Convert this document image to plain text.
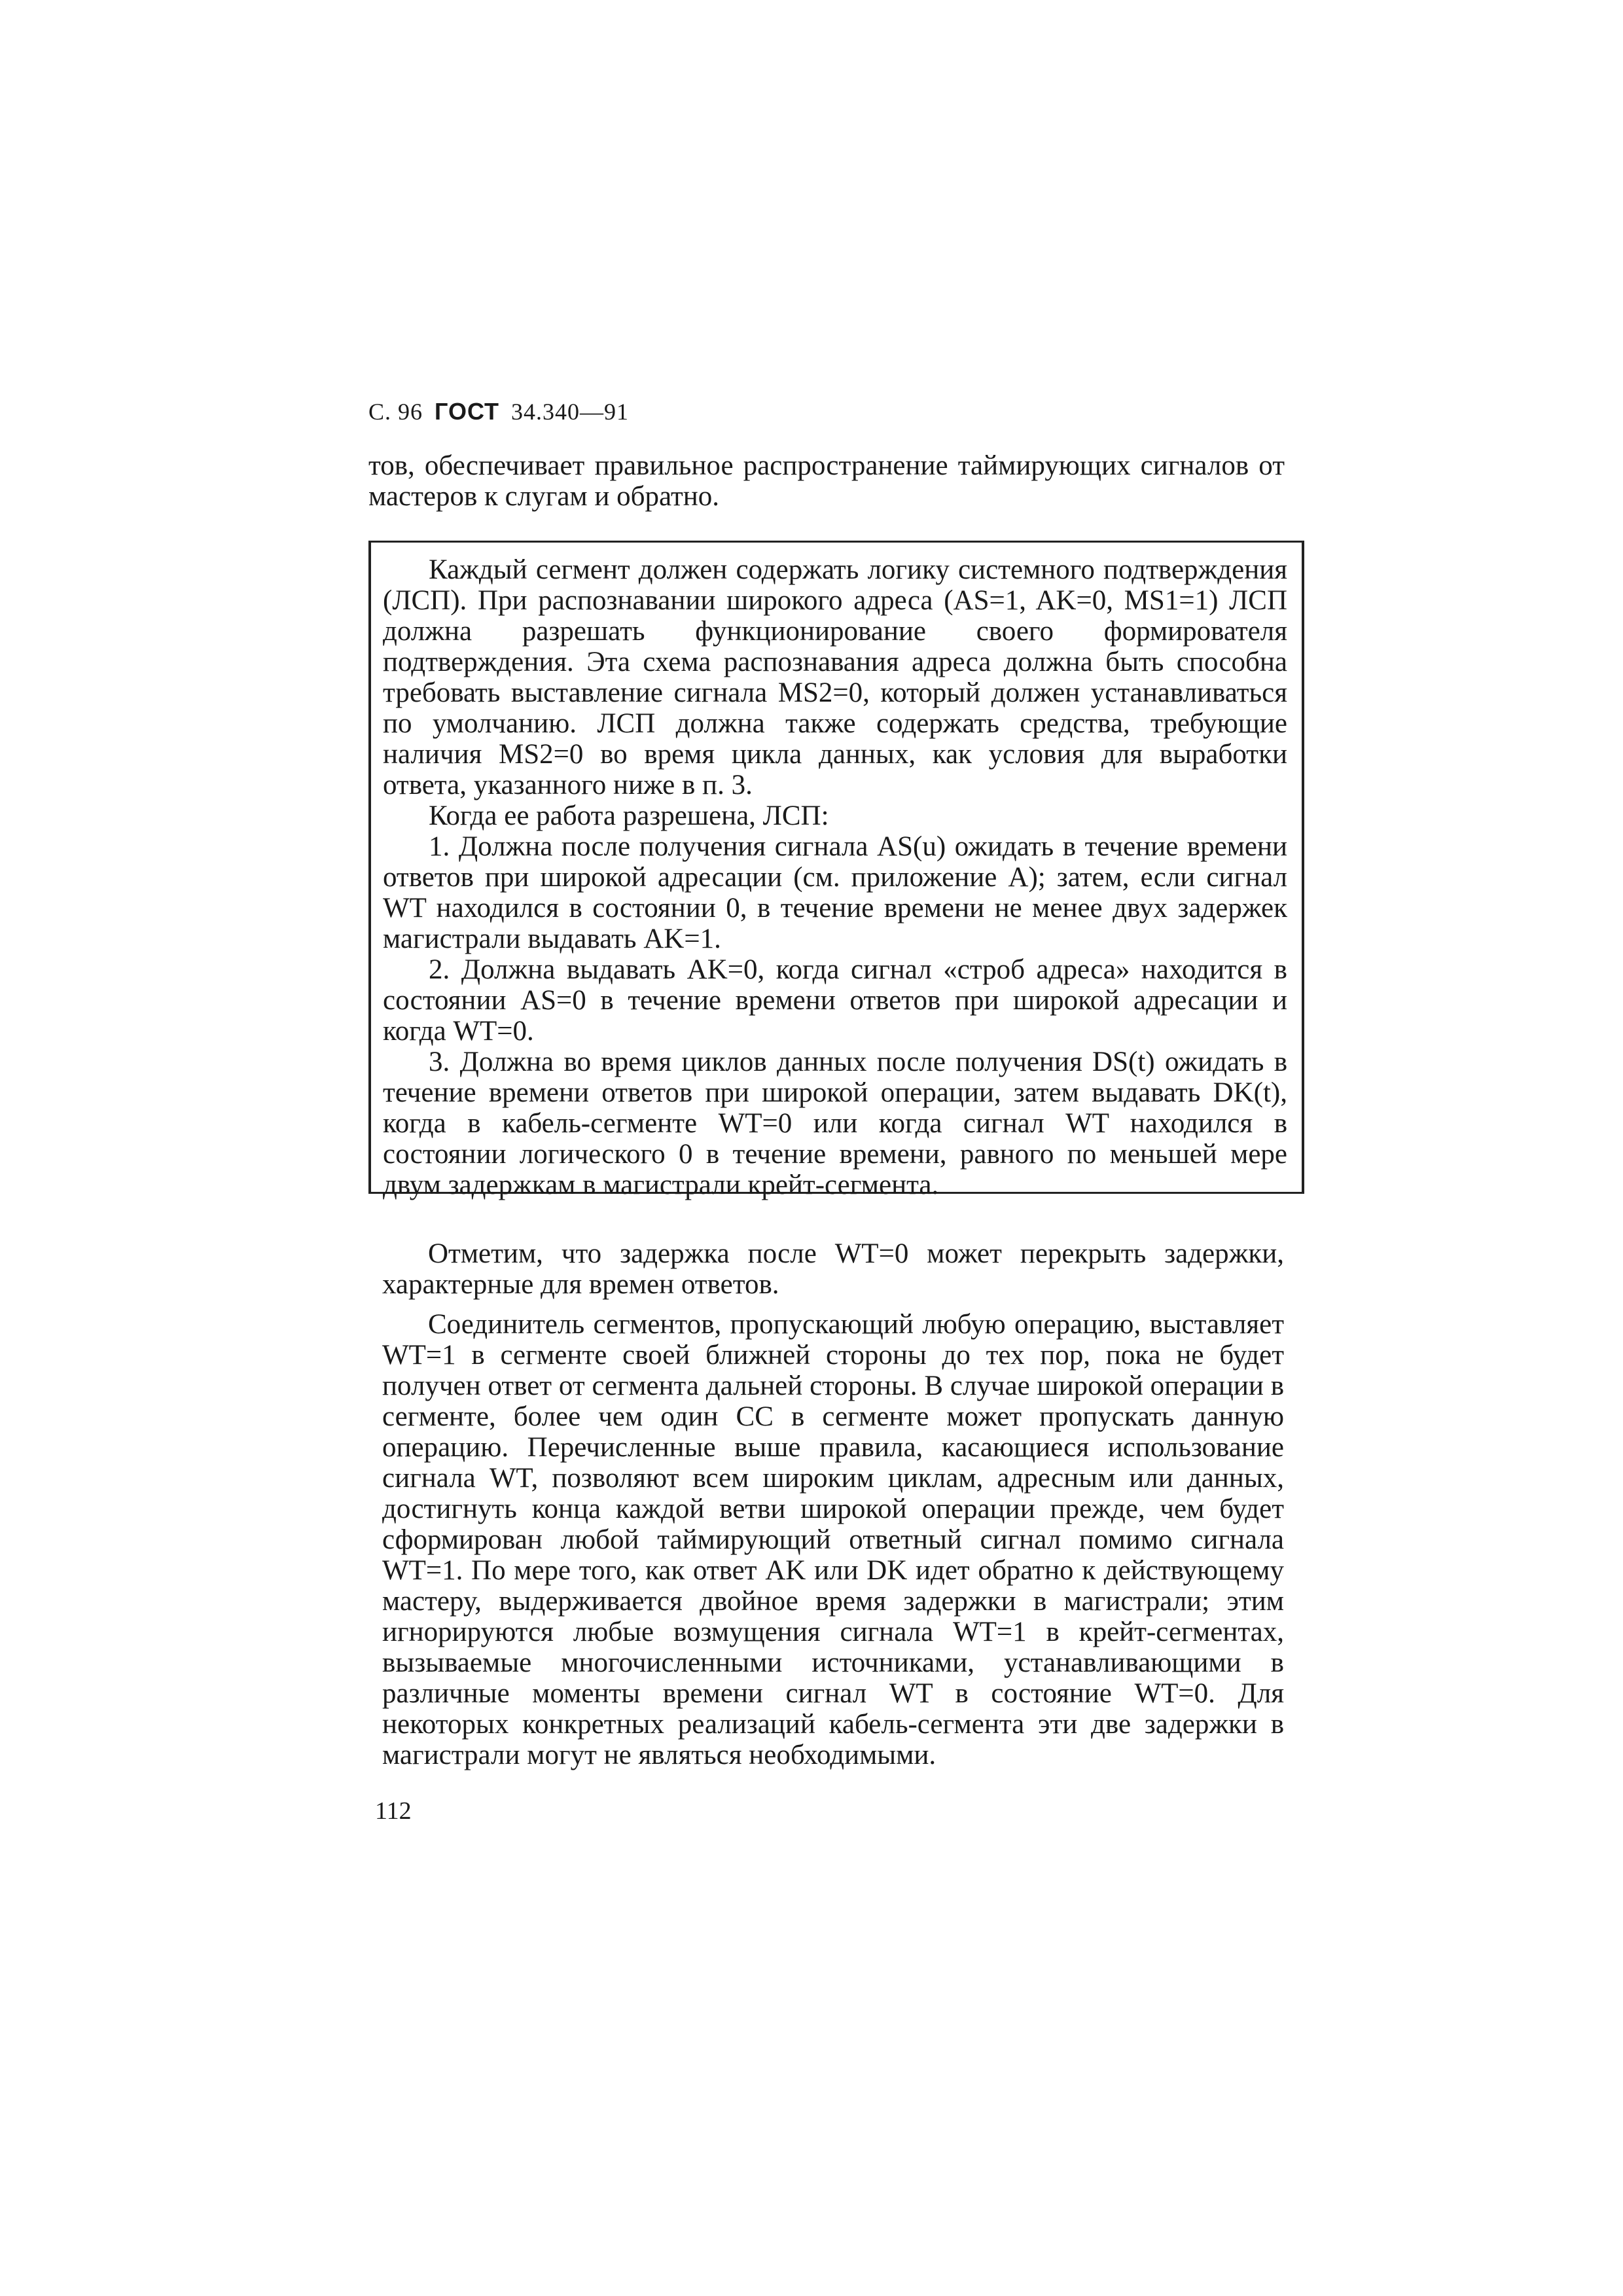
С. 96 ГОСТ 34.340—91

тов, обеспечивает правильное распространение таймирующих сигналов от мастеров к слугам и обратно.

Каждый сегмент должен содержать логику системного подтверждения (ЛСП). При распознавании широкого адреса (AS=1, AK=0, MS1=1) ЛСП должна разрешать функционирование своего формирователя подтверждения. Эта схема распознавания адреса должна быть способна требовать выставление сигнала MS2=0, который должен устанавливаться по умолчанию. ЛСП должна также содержать средства, требующие наличия MS2=0 во время цикла данных, как условия для выработки ответа, указанного ниже в п. 3.

Когда ее работа разрешена, ЛСП:

1. Должна после получения сигнала AS(u) ожидать в течение времени ответов при широкой адресации (см. приложение А); затем, если сигнал WT находился в состоянии 0, в течение времени не менее двух задержек магистрали выдавать AK=1.

2. Должна выдавать AK=0, когда сигнал «строб адреса» находится в состоянии AS=0 в течение времени ответов при широкой адресации и когда WT=0.

3. Должна во время циклов данных после получения DS(t) ожидать в течение времени ответов при широкой операции, затем выдавать DK(t), когда в кабель-сегменте WT=0 или когда сигнал WT находился в состоянии логического 0 в течение времени, равного по меньшей мере двум задержкам в магистрали крейт-сегмента.

Отметим, что задержка после WT=0 может перекрыть задержки, характерные для времен ответов.

Соединитель сегментов, пропускающий любую операцию, выставляет WT=1 в сегменте своей ближней стороны до тех пор, пока не будет получен ответ от сегмента дальней стороны. В случае широкой операции в сегменте, более чем один СС в сегменте может пропускать данную операцию. Перечисленные выше правила, касающиеся использование сигнала WT, позволяют всем широким циклам, адресным или данных, достигнуть конца каждой ветви широкой операции прежде, чем будет сформирован любой таймирующий ответный сигнал помимо сигнала WT=1. По мере того, как ответ AK или DK идет обратно к действующему мастеру, выдерживается двойное время задержки в магистрали; этим игнорируются любые возмущения сигнала WT=1 в крейт-сегментах, вызываемые многочисленными источниками, устанавливающими в различные моменты времени сигнал WT в состояние WT=0. Для некоторых конкретных реализаций кабель-сегмента эти две задержки в магистрали могут не являться необходимыми.

112
